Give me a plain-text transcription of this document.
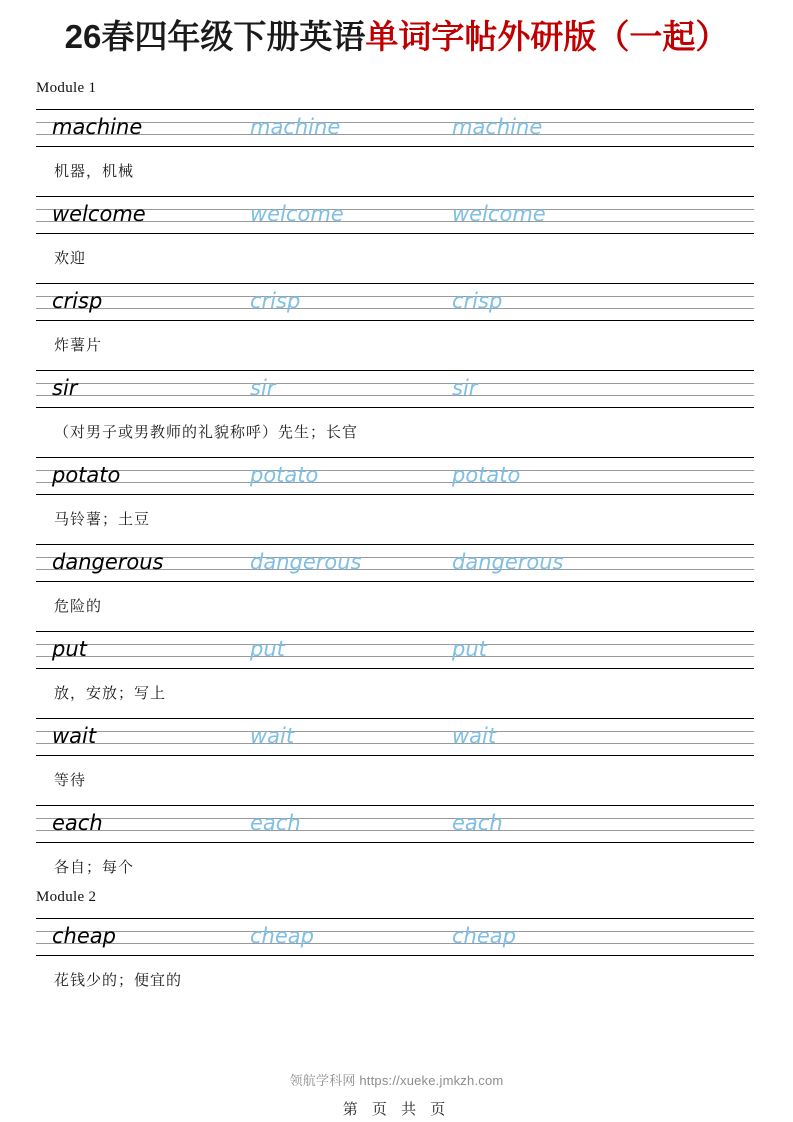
26春四年级下册英语单词字帖外研版（一起）
Module 1
machine	machine	machine
机器，机械
welcome	welcome	welcome
欢迎
crisp	crisp	crisp
炸薯片
sir	sir	sir
（对男子或男教师的礼貌称呼）先生；长官
potato	potato	potato
马铃薯；土豆
dangerous	dangerous	dangerous
危险的
put	put	put
放，安放；写上
wait	wait	wait
等待
each	each	each
各自；每个
Module 2
cheap	cheap	cheap
花钱少的；便宜的
领航学科网 https://xueke.jmkzh.com
第 页 共 页
